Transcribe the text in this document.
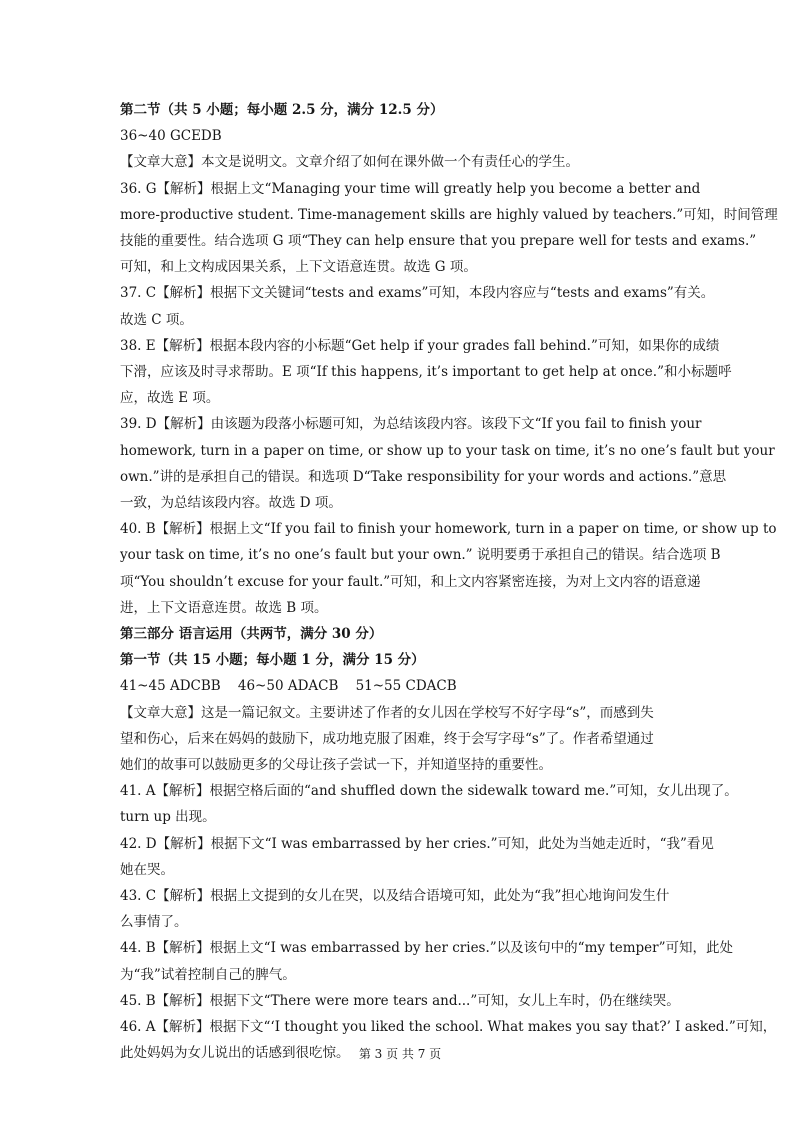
第二节（共 5 小题；每小题 2.5 分，满分 12.5 分）
36~40 GCEDB
【文章大意】本文是说明文。文章介绍了如何在课外做一个有责任心的学生。
36. G【解析】根据上文“Managing your time will greatly help you become a better and
more-productive student. Time-management skills are highly valued by teachers.”可知，时间管理
技能的重要性。结合选项 G 项“They can help ensure that you prepare well for tests and exams.”
可知，和上文构成因果关系，上下文语意连贯。故选 G 项。
37. C【解析】根据下文关键词“tests and exams”可知，本段内容应与“tests and exams”有关。
故选 C 项。
38. E【解析】根据本段内容的小标题“Get help if your grades fall behind.”可知，如果你的成绩
下滑，应该及时寻求帮助。E 项“If this happens, it’s important to get help at once.”和小标题呼
应，故选 E 项。
39. D【解析】由该题为段落小标题可知，为总结该段内容。该段下文“If you fail to finish your
homework, turn in a paper on time, or show up to your task on time, it’s no one’s fault but your
own.”讲的是承担自己的错误。和选项 D“Take responsibility for your words and actions.”意思
一致，为总结该段内容。故选 D 项。
40. B【解析】根据上文“If you fail to finish your homework, turn in a paper on time, or show up to
your task on time, it’s no one’s fault but your own.” 说明要勇于承担自己的错误。结合选项 B
项“You shouldn’t excuse for your fault.”可知，和上文内容紧密连接，为对上文内容的语意递
进，上下文语意连贯。故选 B 项。
第三部分 语言运用（共两节，满分 30 分）
第一节（共 15 小题；每小题 1 分，满分 15 分）
41~45 ADCBB    46~50 ADACB    51~55 CDACB
【文章大意】这是一篇记叙文。主要讲述了作者的女儿因在学校写不好字母“s”，而感到失
望和伤心，后来在妈妈的鼓励下，成功地克服了困难，终于会写字母“s”了。作者希望通过
她们的故事可以鼓励更多的父母让孩子尝试一下，并知道坚持的重要性。
41. A【解析】根据空格后面的“and shuffled down the sidewalk toward me.”可知，女儿出现了。
turn up 出现。
42. D【解析】根据下文“I was embarrassed by her cries.”可知，此处为当她走近时，“我”看见
她在哭。
43. C【解析】根据上文提到的女儿在哭，以及结合语境可知，此处为“我”担心地询问发生什
么事情了。
44. B【解析】根据上文“I was embarrassed by her cries.”以及该句中的“my temper”可知，此处
为“我”试着控制自己的脾气。
45. B【解析】根据下文“There were more tears and...”可知，女儿上车时，仍在继续哭。
46. A【解析】根据下文“‘I thought you liked the school. What makes you say that?’ I asked.”可知，
此处妈妈为女儿说出的话感到很吃惊。 第 3 页 共 7 页
